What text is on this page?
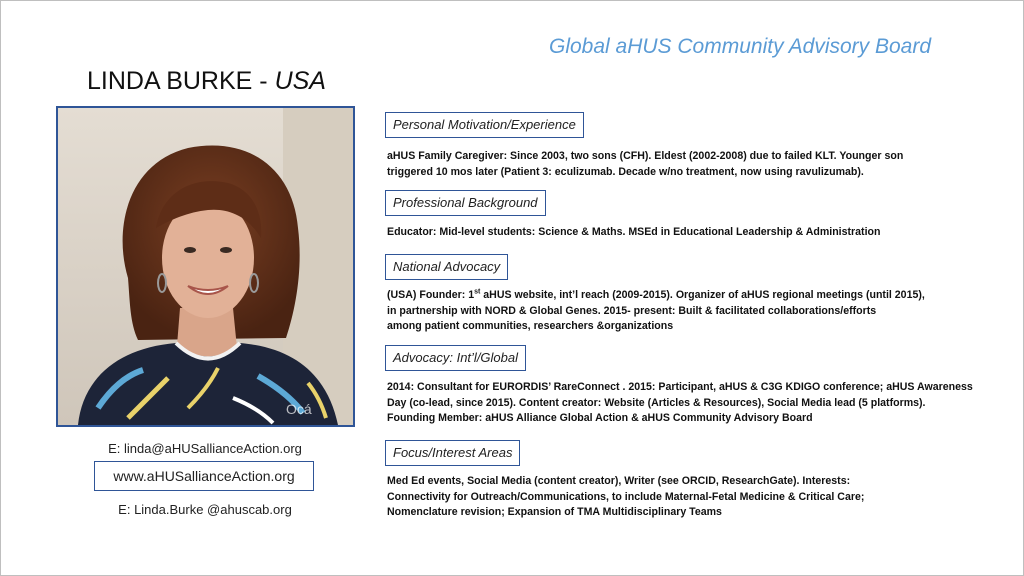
Global aHUS Community Advisory Board
LINDA BURKE - USA
Ocá
E: linda@aHUSallianceAction.org
www.aHUSallianceAction.org
E: Linda.Burke @ahuscab.org
Personal Motivation/Experience

aHUS Family Caregiver: Since 2003, two sons (CFH). Eldest (2002-2008) due to failed KLT. Younger son

triggered 10 mos later (Patient 3: eculizumab. Decade w/no treatment, now using ravulizumab).

Professional Background

Educator: Mid-level students: Science & Maths. MSEd in Educational Leadership & Administration

National Advocacy

(USA) Founder: 1st aHUS website, int’l reach (2009-2015). Organizer of aHUS regional meetings (until 2015),

in partnership with NORD & Global Genes. 2015- present: Built & facilitated collaborations/efforts

among patient communities, researchers &organizations

Advocacy: Int’l/Global

2014: Consultant for EURORDIS’ RareConnect . 2015: Participant, aHUS & C3G KDIGO conference; aHUS Awareness

Day (co-lead, since 2015). Content creator: Website (Articles & Resources), Social Media lead (5 platforms).

Founding Member: aHUS Alliance Global Action & aHUS Community Advisory Board

Focus/Interest Areas

Med Ed events, Social Media (content creator), Writer (see ORCID, ResearchGate). Interests:

Connectivity for Outreach/Communications, to include Maternal-Fetal Medicine & Critical Care;

Nomenclature revision; Expansion of TMA Multidisciplinary Teams
